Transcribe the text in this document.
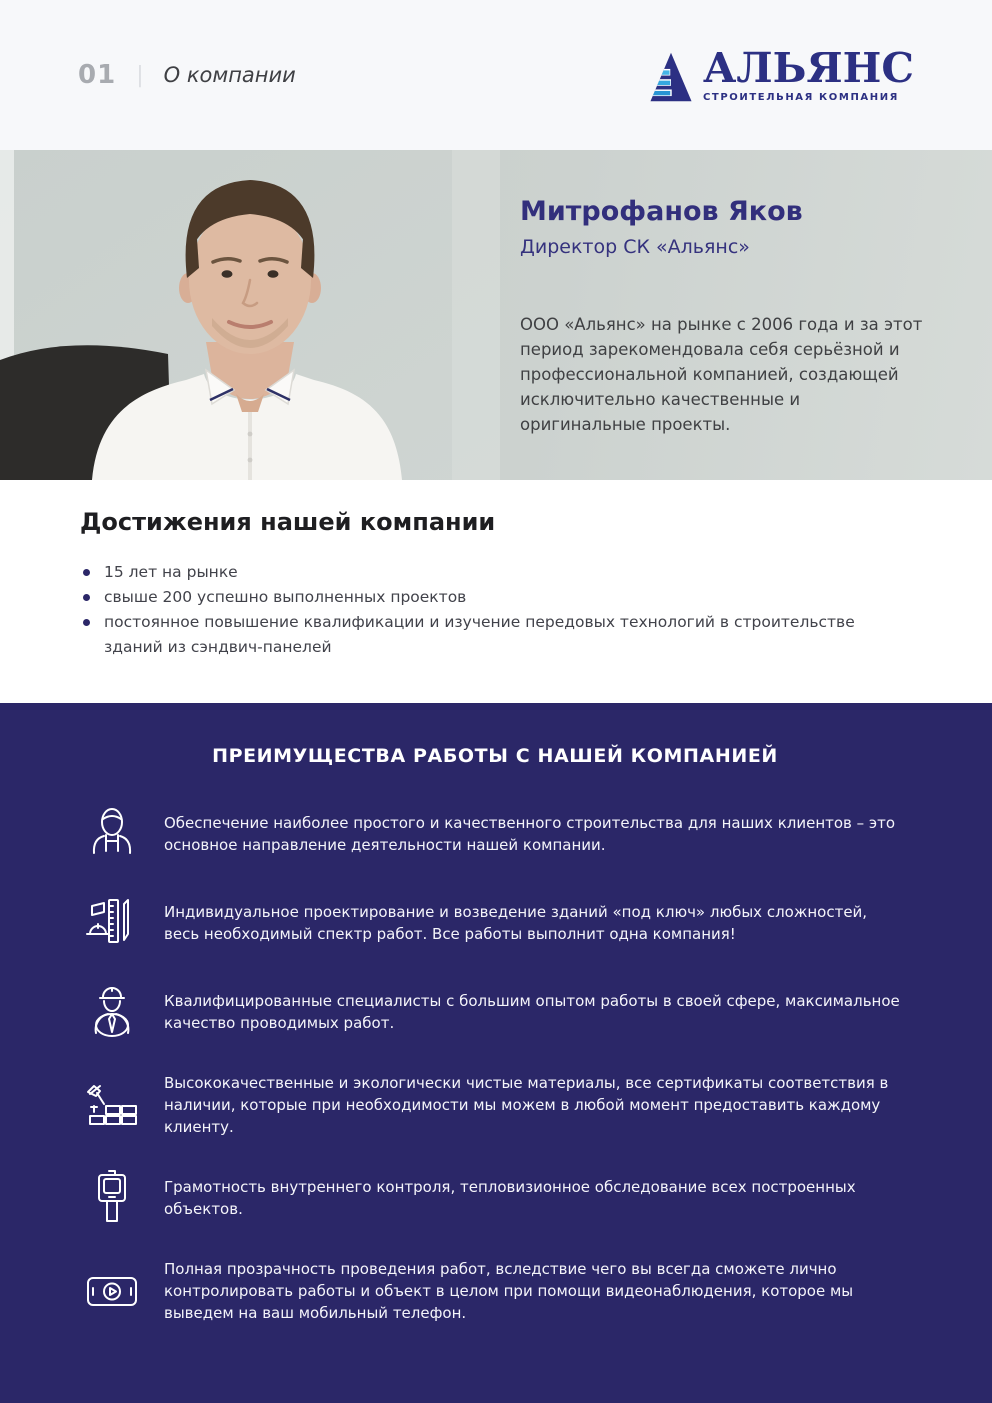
01 | О компании	АЛЬЯНС
СТРОИТЕЛЬНАЯ КОМПАНИЯ
Митрофанов Яков
Директор СК «Альянс»

ООО «Альянс» на рынке с 2006 года и за этот период зарекомендовала себя серьёзной и профессиональной компанией, создающей исключительно качественные и оригинальные проекты.

Достижения нашей компании
15 лет на рынке
свыше 200 успешно выполненных проектов
постоянное повышение квалификации и изучение передовых технологий в строительстве зданий из сэндвич-панелей
ПРЕИМУЩЕСТВА РАБОТЫ С НАШЕЙ КОМПАНИЕЙ

Обеспечение наиболее простого и качественного строительства для наших клиентов – это основное направление деятельности нашей компании.

Индивидуальное проектирование и возведение зданий «под ключ» любых сложностей, весь необходимый спектр работ. Все работы выполнит одна компания!

Квалифицированные специалисты с большим опытом работы в своей сфере, максимальное качество проводимых работ.

Высококачественные и экологически чистые материалы, все сертификаты соответствия в наличии, которые при необходимости мы можем в любой момент предоставить каждому клиенту.

Грамотность внутреннего контроля, тепловизионное обследование всех построенных объектов.

Полная прозрачность проведения работ, вследствие чего вы всегда сможете лично контролировать работы и объект в целом при помощи видеонаблюдения, которое мы выведем на ваш мобильный телефон.
